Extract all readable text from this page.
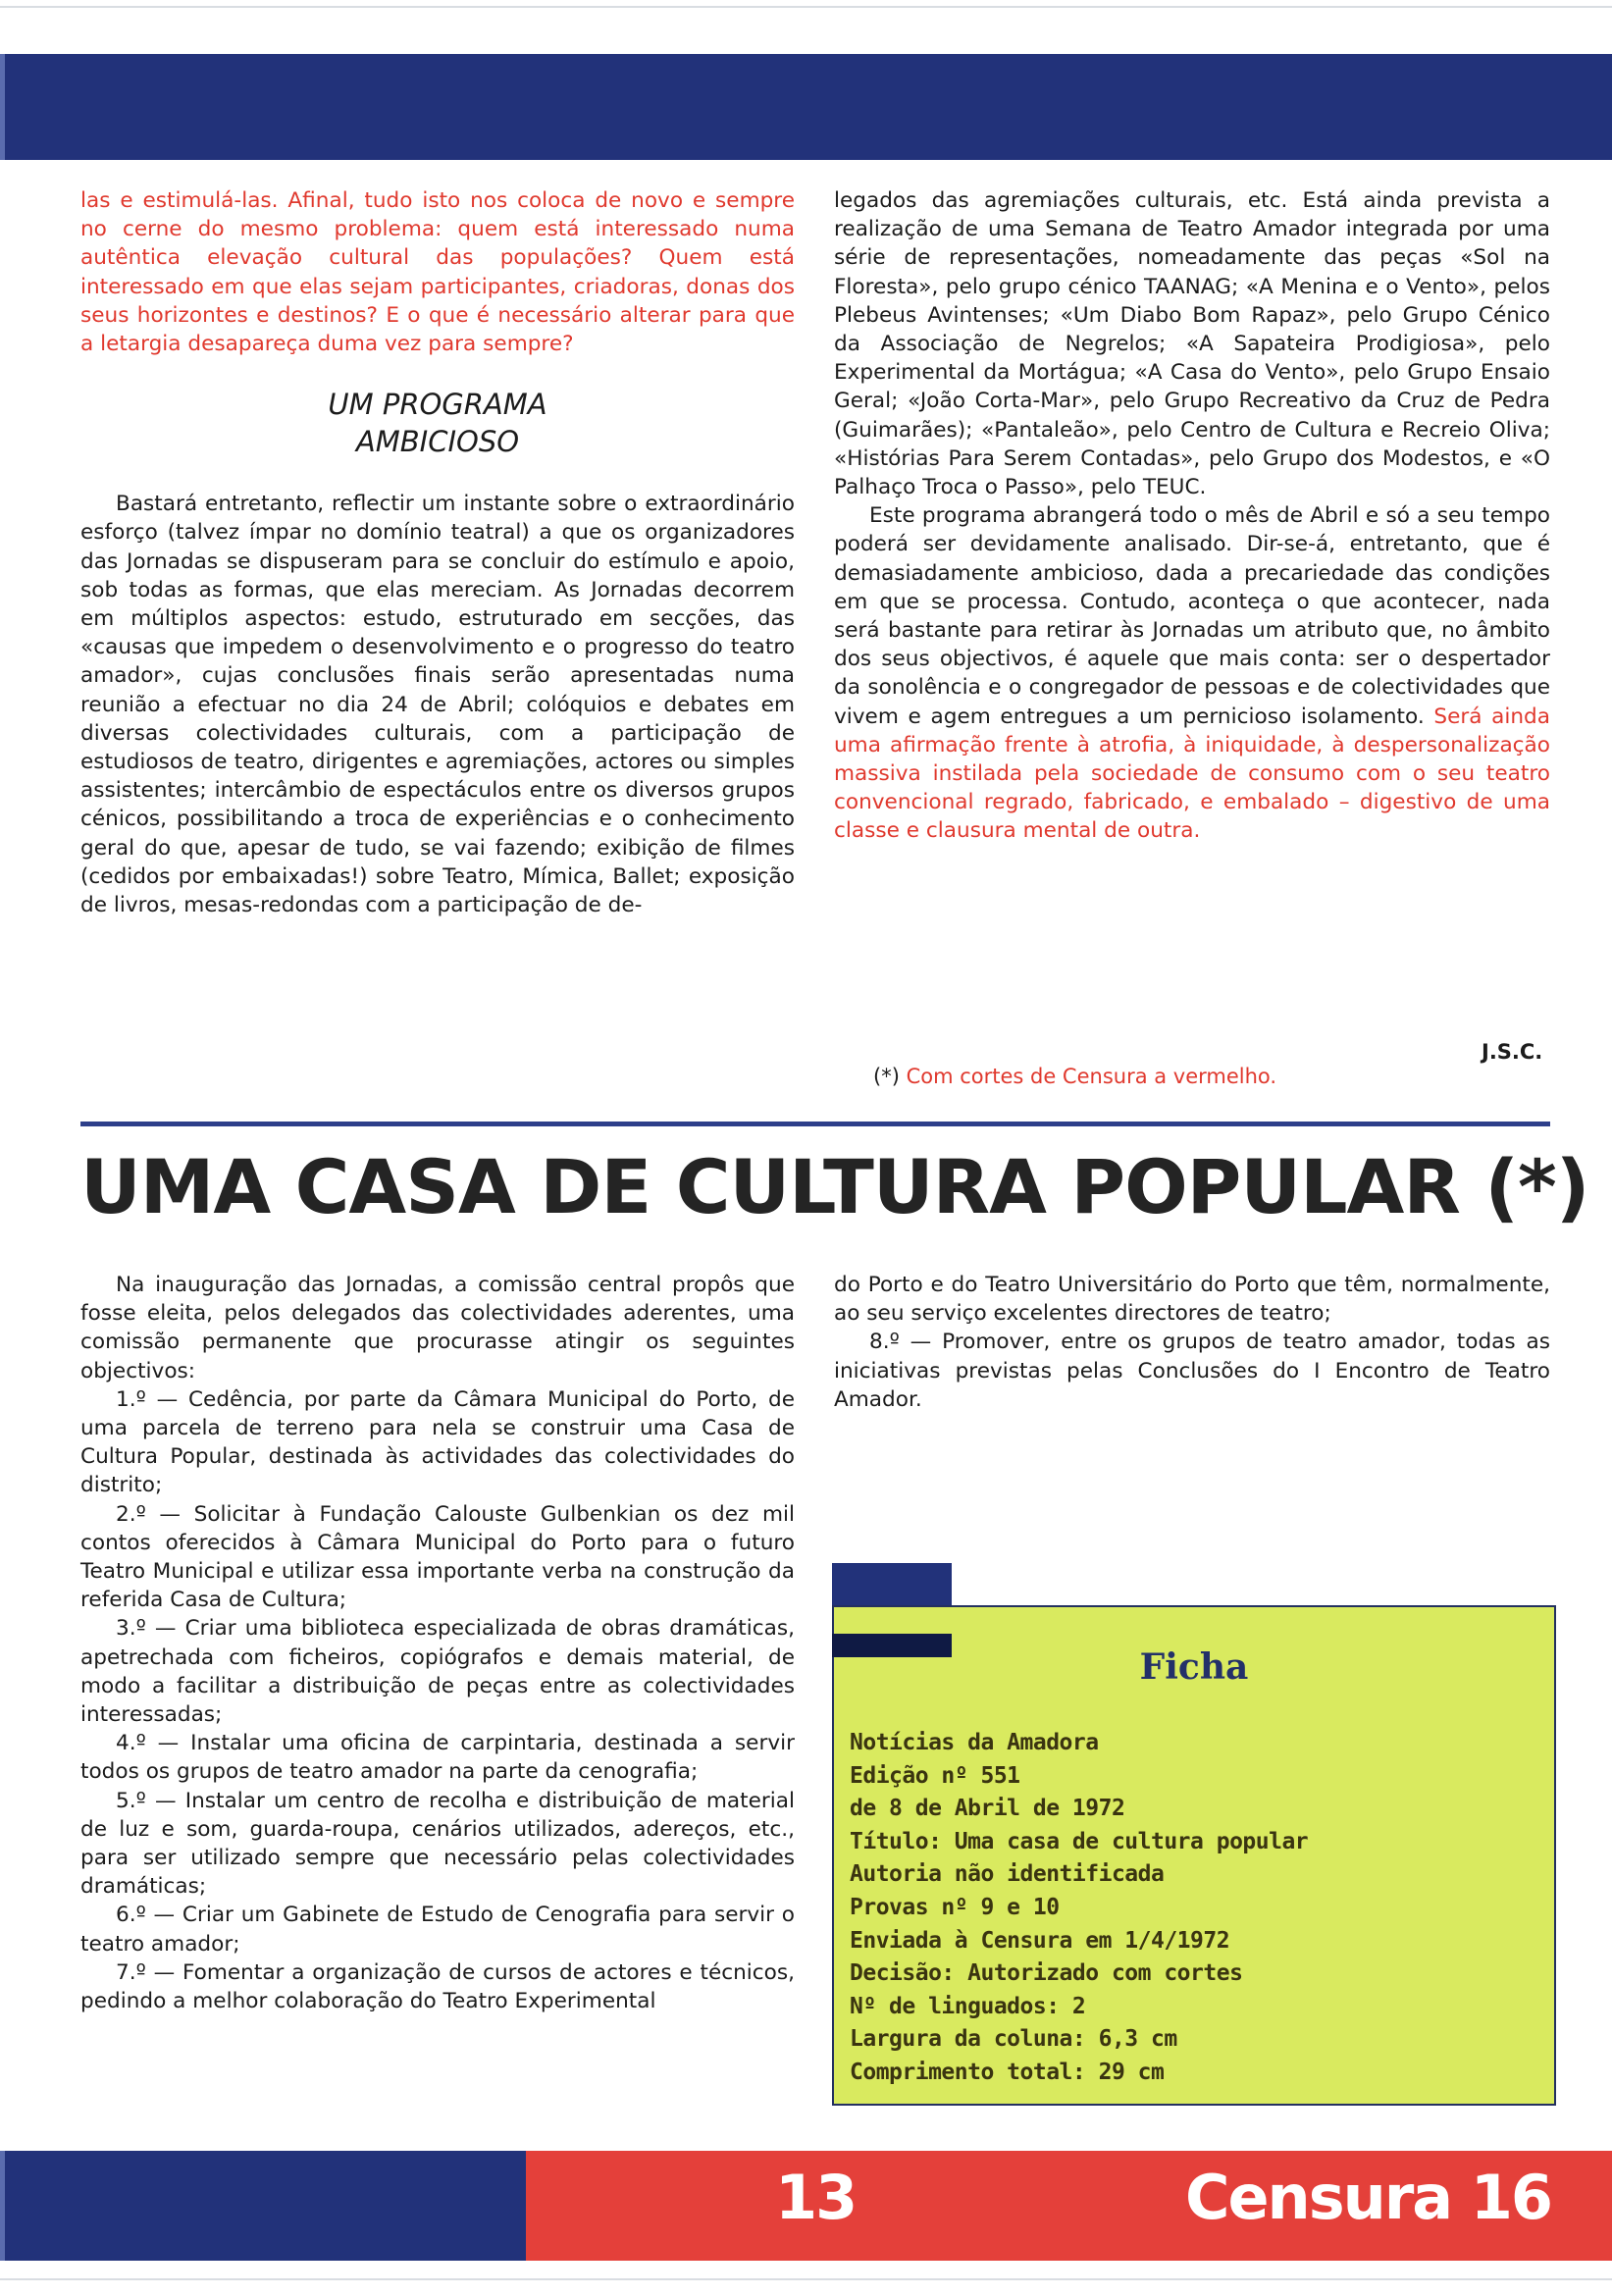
las e estimulá-las. Afinal, tudo isto nos coloca de novo e sempre no cerne do mesmo problema: quem está interessado numa autêntica elevação cultural das populações? Quem está interessado em que elas sejam participantes, criadoras, donas dos seus horizontes e destinos? E o que é necessário alterar para que a letargia desapareça duma vez para sempre?

UM PROGRAMA
AMBICIOSO

Bastará entretanto, reflectir um instante sobre o extraordinário esforço (talvez ímpar no domínio teatral) a que os organizadores das Jornadas se dispuseram para se concluir do estímulo e apoio, sob todas as formas, que elas mereciam. As Jornadas decorrem em múltiplos aspectos: estudo, estruturado em secções, das «causas que impedem o desenvolvimento e o progresso do teatro amador», cujas conclusões finais serão apresentadas numa reunião a efectuar no dia 24 de Abril; colóquios e debates em diversas colectividades culturais, com a participação de estudiosos de teatro, dirigentes e agremiações, actores ou simples assistentes; intercâmbio de espectáculos entre os diversos grupos cénicos, possibilitando a troca de experiências e o conhecimento geral do que, apesar de tudo, se vai fazendo; exibição de filmes (cedidos por embaixadas!) sobre Teatro, Mímica, Ballet; exposição de livros, mesas-redondas com a participação de de-

legados das agremiações culturais, etc. Está ainda prevista a realização de uma Semana de Teatro Amador integrada por uma série de representações, nomeadamente das peças «Sol na Floresta», pelo grupo cénico TAANAG; «A Menina e o Vento», pelos Plebeus Avintenses; «Um Diabo Bom Rapaz», pelo Grupo Cénico da Associação de Negrelos; «A Sapateira Prodigiosa», pelo Experimental da Mortágua; «A Casa do Vento», pelo Grupo Ensaio Geral; «João Corta-Mar», pelo Grupo Recreativo da Cruz de Pedra (Guimarães); «Pantaleão», pelo Centro de Cultura e Recreio Oliva; «Histórias Para Serem Contadas», pelo Grupo dos Modestos, e «O Palhaço Troca o Passo», pelo TEUC.

Este programa abrangerá todo o mês de Abril e só a seu tempo poderá ser devidamente analisado. Dir-se-á, entretanto, que é demasiadamente ambicioso, dada a precariedade das condições em que se processa. Contudo, aconteça o que acontecer, nada será bastante para retirar às Jornadas um atributo que, no âmbito dos seus objectivos, é aquele que mais conta: ser o despertador da sonolência e o congregador de pessoas e de colectividades que vivem e agem entregues a um pernicioso isolamento. Será ainda uma afirmação frente à atrofia, à iniquidade, à despersonalização massiva instilada pela sociedade de consumo com o seu teatro convencional regrado, fabricado, e embalado – digestivo de uma classe e clausura mental de outra.

(*) Com cortes de Censura a vermelho.
J.S.C.
UMA CASA DE CULTURA POPULAR (*)

Na inauguração das Jornadas, a comissão central propôs que fosse eleita, pelos delegados das colectividades aderentes, uma comissão permanente que procurasse atingir os seguintes objectivos:

1.º — Cedência, por parte da Câmara Municipal do Porto, de uma parcela de terreno para nela se construir uma Casa de Cultura Popular, destinada às actividades das colectividades do distrito;

2.º — Solicitar à Fundação Calouste Gulbenkian os dez mil contos oferecidos à Câmara Municipal do Porto para o futuro Teatro Municipal e utilizar essa importante verba na construção da referida Casa de Cultura;

3.º — Criar uma biblioteca especializada de obras dramáticas, apetrechada com ficheiros, copiógrafos e demais material, de modo a facilitar a distribuição de peças entre as colectividades interessadas;

4.º — Instalar uma oficina de carpintaria, destinada a servir todos os grupos de teatro amador na parte da cenografia;

5.º — Instalar um centro de recolha e distribuição de material de luz e som, guarda-roupa, cenários utilizados, adereços, etc., para ser utilizado sempre que necessário pelas colectividades dramáticas;

6.º — Criar um Gabinete de Estudo de Cenografia para servir o teatro amador;

7.º — Fomentar a organização de cursos de actores e técnicos, pedindo a melhor colaboração do Teatro Experimental

do Porto e do Teatro Universitário do Porto que têm, normalmente, ao seu serviço excelentes directores de teatro;

8.º — Promover, entre os grupos de teatro amador, todas as iniciativas previstas pelas Conclusões do I Encontro de Teatro Amador.

Ficha
Notícias da Amadora
Edição nº 551
de 8 de Abril de 1972
Título: Uma casa de cultura popular
Autoria não identificada
Provas nº 9 e 10
Enviada à Censura em 1/4/1972
Decisão: Autorizado com cortes
Nº de linguados: 2
Largura da coluna: 6,3 cm
Comprimento total: 29 cm
13	Censura 16
